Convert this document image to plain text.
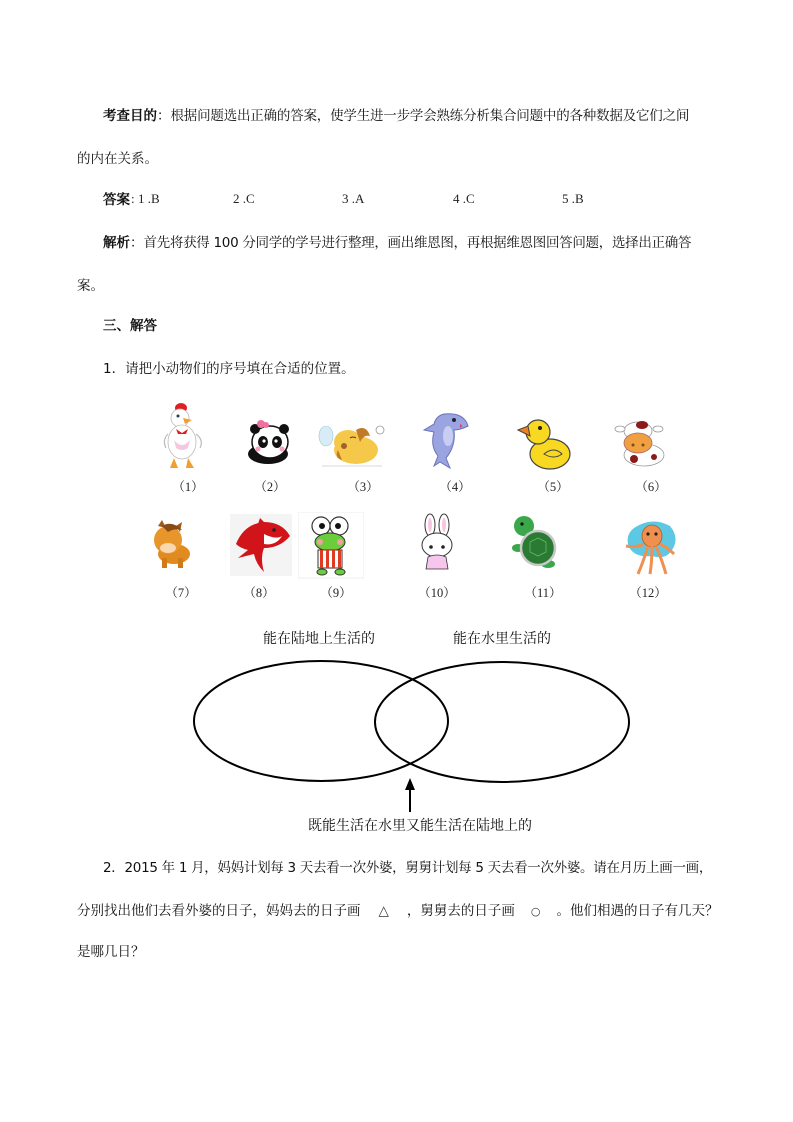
考查目的：根据问题选出正确的答案，使学生进一步学会熟练分析集合问题中的各种数据及它们之间
的内在关系。
答案 : 1 .B	2 .C	3 .A	4 .C	5 .B
解析：首先将获得 100 分同学的学号进行整理，画出维恩图，再根据维恩图回答问题，选择出正确答
案。
三、解答
1．请把小动物们的序号填在合适的位置。
（1）	（2）	（3）	（4）	（5）	（6）
（7）	（8）	（9）	（10）	（11）	（12）
能在陆地上生活的	能在水里生活的
既能生活在水里又能生活在陆地上的
2．2015 年 1 月，妈妈计划每 3 天去看一次外婆，舅舅计划每 5 天去看一次外婆。请在月历上画一画，
分别找出他们去看外婆的日子，妈妈去的日子画 △ ，舅舅去的日子画 ○ 。他们相遇的日子有几天？
是哪几日？
